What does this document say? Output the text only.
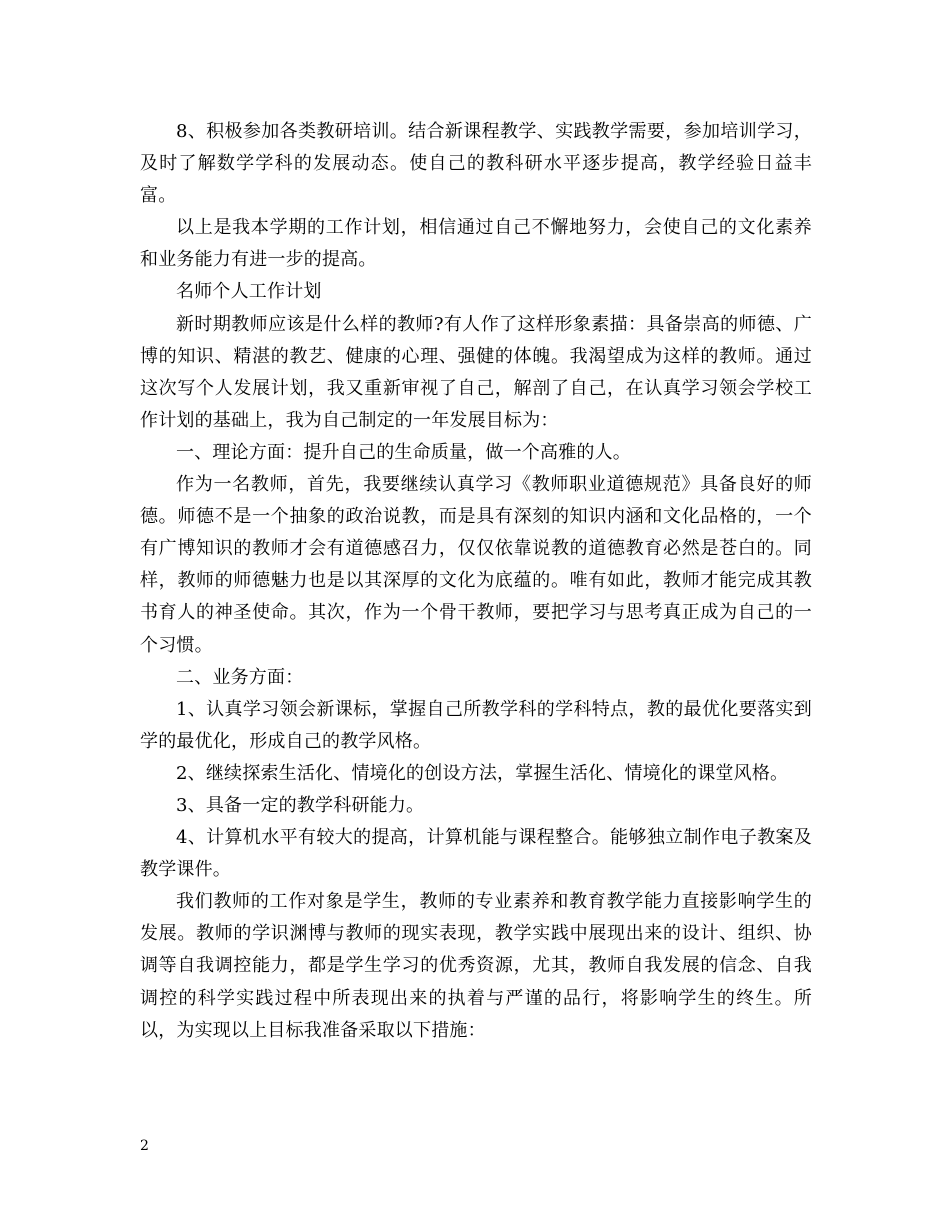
8、积极参加各类教研培训。结合新课程教学、实践教学需要，参加培训学习，及时了解数学学科的发展动态。使自己的教科研水平逐步提高，教学经验日益丰富。

以上是我本学期的工作计划，相信通过自己不懈地努力，会使自己的文化素养和业务能力有进一步的提高。

名师个人工作计划

新时期教师应该是什么样的教师?有人作了这样形象素描：具备崇高的师德、广博的知识、精湛的教艺、健康的心理、强健的体魄。我渴望成为这样的教师。通过这次写个人发展计划，我又重新审视了自己，解剖了自己，在认真学习领会学校工作计划的基础上，我为自己制定的一年发展目标为：

一、理论方面：提升自己的生命质量，做一个高雅的人。

作为一名教师，首先，我要继续认真学习《教师职业道德规范》具备良好的师德。师德不是一个抽象的政治说教，而是具有深刻的知识内涵和文化品格的，一个有广博知识的教师才会有道德感召力，仅仅依靠说教的道德教育必然是苍白的。同样，教师的师德魅力也是以其深厚的文化为底蕴的。唯有如此，教师才能完成其教书育人的神圣使命。其次，作为一个骨干教师，要把学习与思考真正成为自己的一个习惯。

二、业务方面：

1、认真学习领会新课标，掌握自己所教学科的学科特点，教的最优化要落实到学的最优化，形成自己的教学风格。

2、继续探索生活化、情境化的创设方法，掌握生活化、情境化的课堂风格。

3、具备一定的教学科研能力。

4、计算机水平有较大的提高，计算机能与课程整合。能够独立制作电子教案及教学课件。

我们教师的工作对象是学生，教师的专业素养和教育教学能力直接影响学生的发展。教师的学识渊博与教师的现实表现，教学实践中展现出来的设计、组织、协调等自我调控能力，都是学生学习的优秀资源，尤其，教师自我发展的信念、自我调控的科学实践过程中所表现出来的执着与严谨的品行，将影响学生的终生。所以，为实现以上目标我准备采取以下措施：

2
